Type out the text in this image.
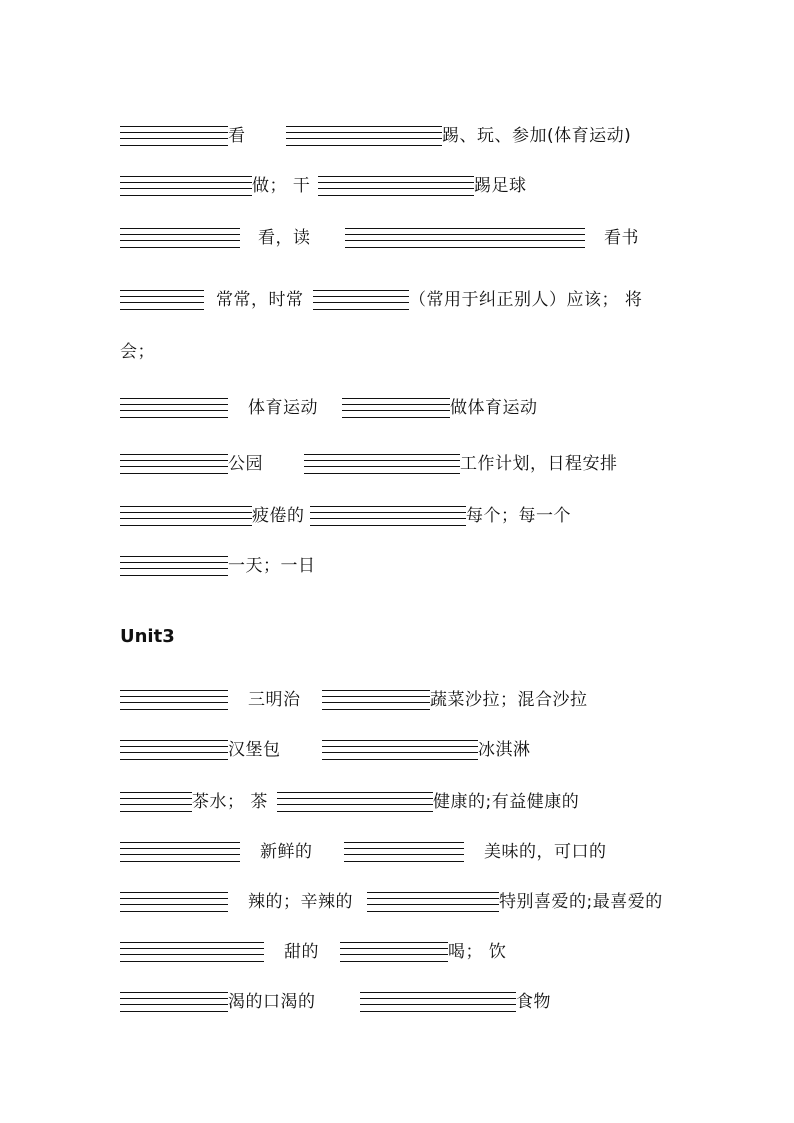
Unit3
看	踢、玩、参加(体育运动)
做； 干	踢足球
看，读	看书
常常，时常	（常用于纠正别人）应该； 将
会；
体育运动	做体育运动
公园	工作计划，日程安排
疲倦的	每个；每一个
一天；一日
三明治	蔬菜沙拉；混合沙拉
汉堡包	冰淇淋
茶水； 茶	健康的;有益健康的
新鲜的	美味的，可口的
辣的；辛辣的	特别喜爱的;最喜爱的
甜的	喝； 饮
渴的口渴的	食物
